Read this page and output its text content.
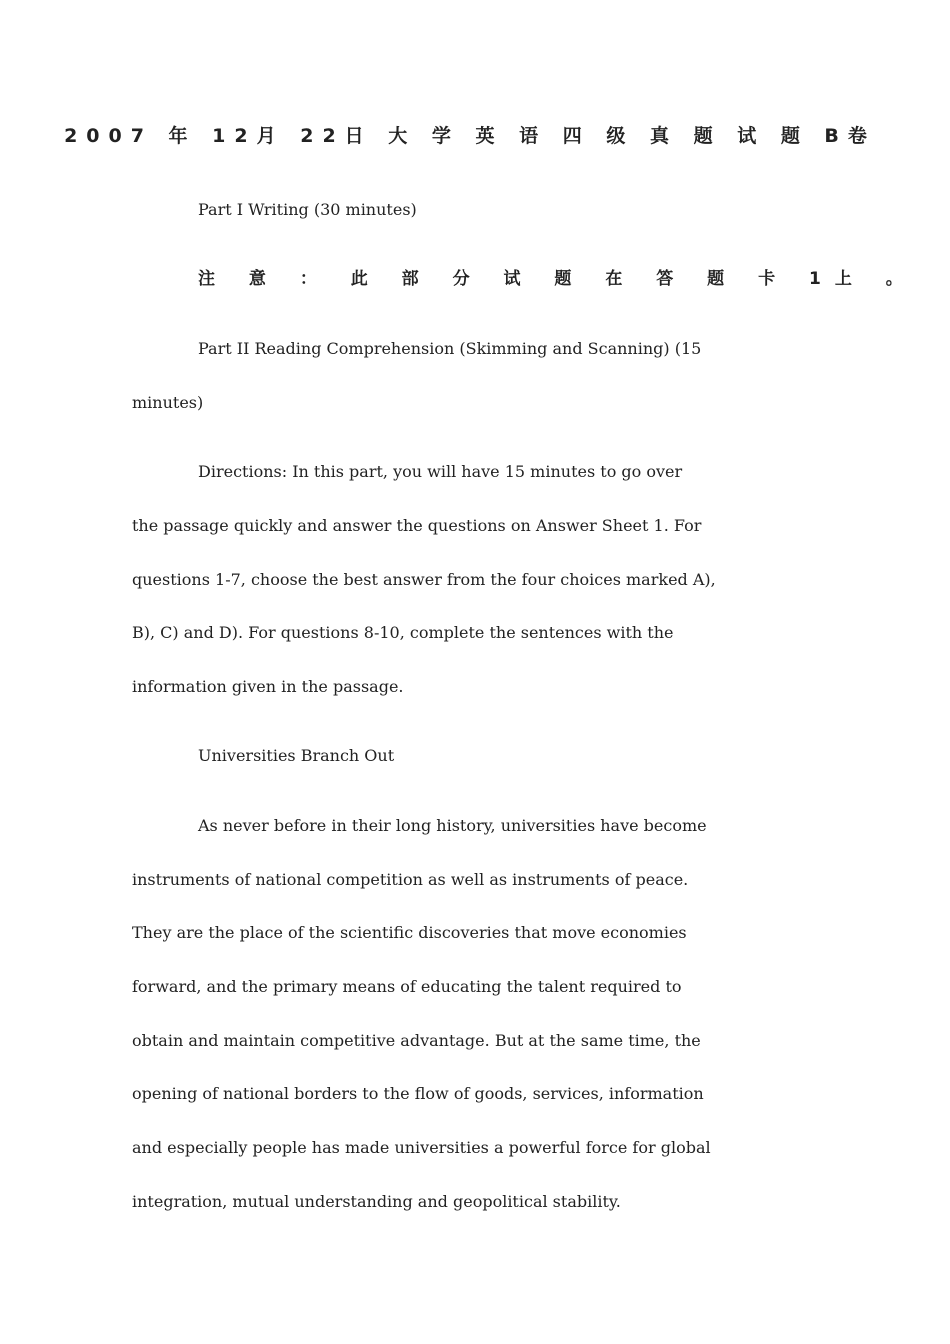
2007 年 12月 22日 大 学 英 语 四 级 真 题 试 题 B卷
Part I Writing (30 minutes)
注 意 ： 此 部 分 试 题 在 答 题 卡 1上 。
Part II Reading Comprehension (Skimming and Scanning) (15
minutes)
Directions: In this part, you will have 15 minutes to go over
the passage quickly and answer the questions on Answer Sheet 1. For
questions 1-7, choose the best answer from the four choices marked A),
B), C) and D). For questions 8-10, complete the sentences with the
information given in the passage.
Universities Branch Out
As never before in their long history, universities have become
instruments of national competition as well as instruments of peace.
They are the place of the scientific discoveries that move economies
forward, and the primary means of educating the talent required to
obtain and maintain competitive advantage. But at the same time, the
opening of national borders to the flow of goods, services, information
and especially people has made universities a powerful force for global
integration, mutual understanding and geopolitical stability.
